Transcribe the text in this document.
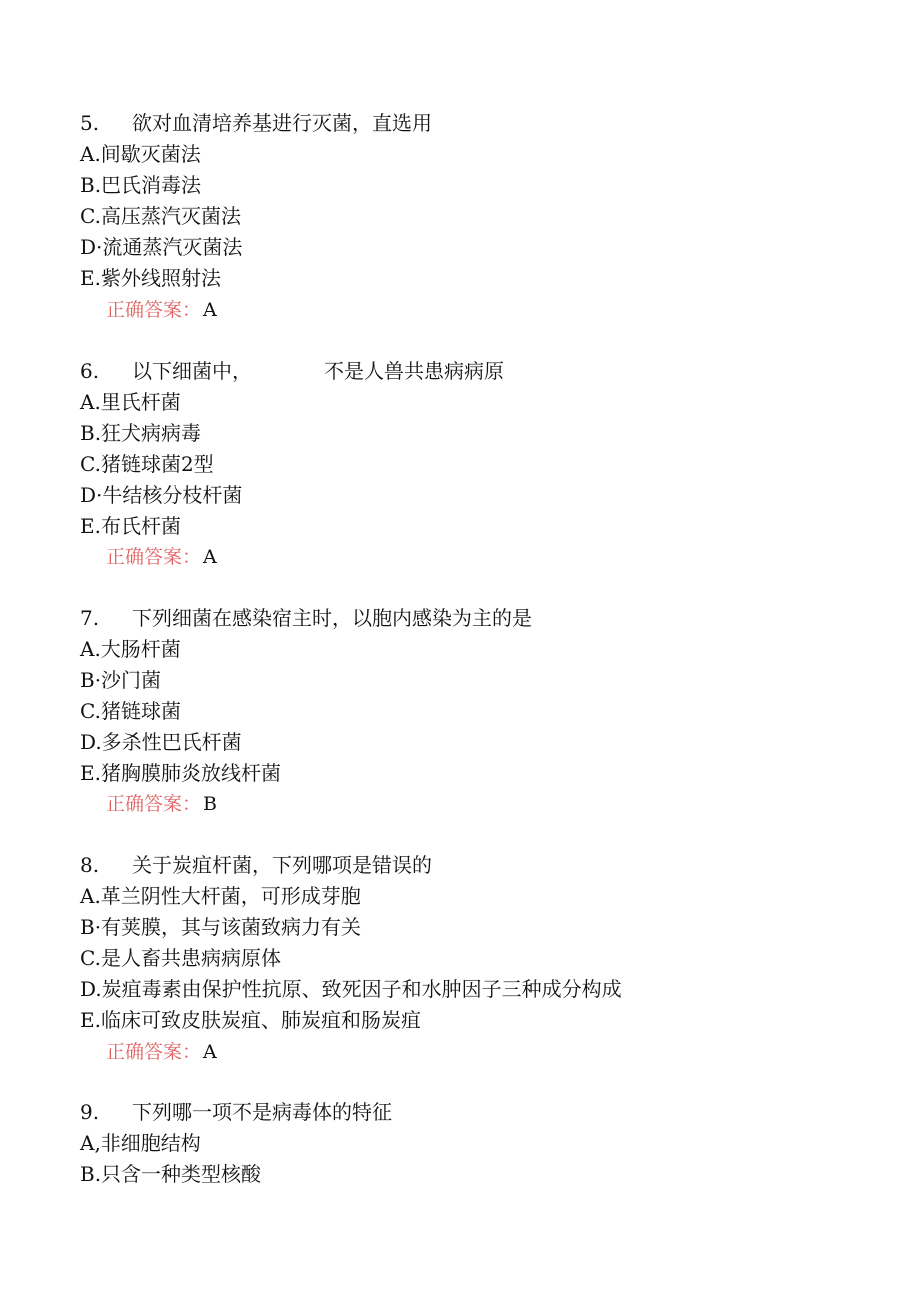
5. 欲对血清培养基进行灭菌，直选用
A.间歇灭菌法
B.巴氏消毒法
C.高压蒸汽灭菌法
D·流通蒸汽灭菌法
E.紫外线照射法
正确答案： A
6. 以下细菌中，	不是人兽共患病病原
A.里氏杆菌
B.狂犬病病毒
C.猪链球菌2型
D·牛结核分枝杆菌
E.布氏杆菌
正确答案： A
7. 下列细菌在感染宿主时，以胞内感染为主的是
A.大肠杆菌
B·沙门菌
C.猪链球菌
D.多杀性巴氏杆菌
E.猪胸膜肺炎放线杆菌
正确答案： B
8. 关于炭疽杆菌，下列哪项是错误的
A.革兰阴性大杆菌，可形成芽胞
B·有荚膜，其与该菌致病力有关
C.是人畜共患病病原体
D.炭疽毒素由保护性抗原、致死因子和水肿因子三种成分构成
E.临床可致皮肤炭疽、肺炭疽和肠炭疽
正确答案： A
9. 下列哪一项不是病毒体的特征
A,非细胞结构
B.只含一种类型核酸
